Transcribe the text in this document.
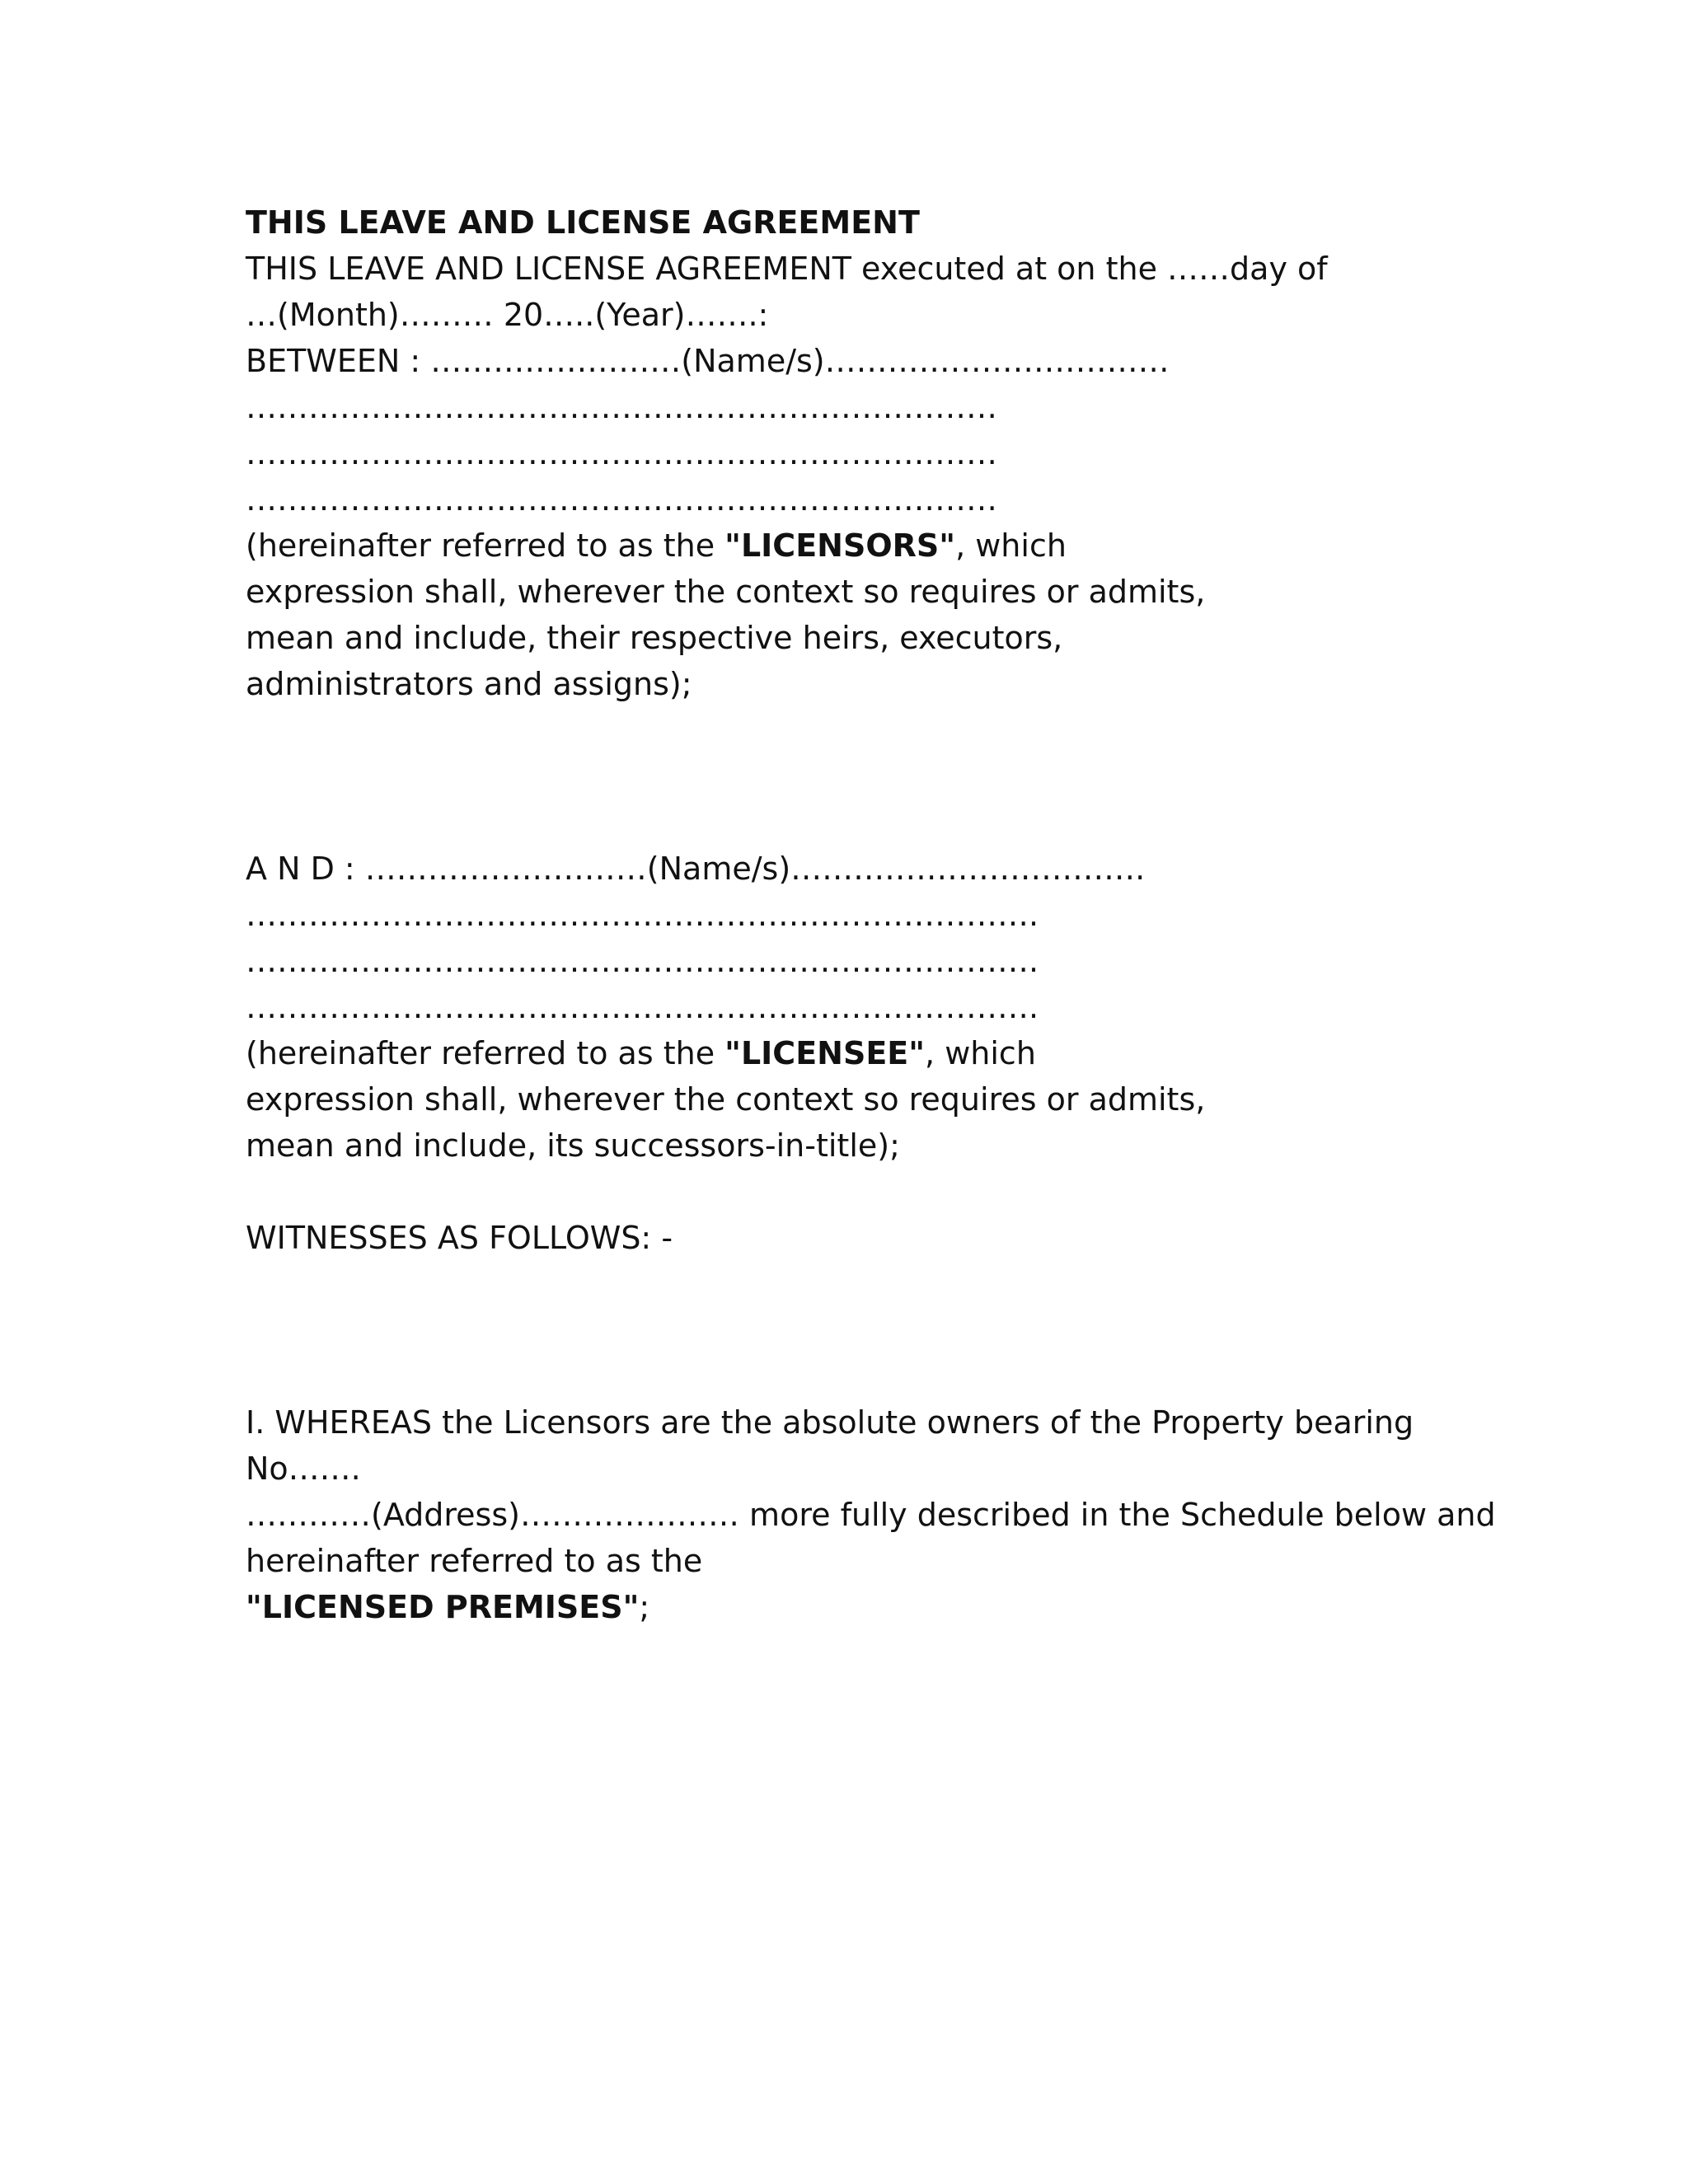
THIS LEAVE AND LICENSE AGREEMENT
THIS LEAVE AND LICENSE AGREEMENT executed at on the ……day of
…(Month)……… 20…..(Year)…….:
BETWEEN : ……………………(Name/s)……………………………
………………………………………………………………
………………………………………………………………
………………………………………………………………
(hereinafter referred to as the "LICENSORS", which
expression shall, wherever the context so requires or admits,
mean and include, their respective heirs, executors,
administrators and assigns);
A N D : ………………………(Name/s)…………………………….
………………………………………………………………….
………………………………………………………………….
………………………………………………………………….
(hereinafter referred to as the "LICENSEE", which
expression shall, wherever the context so requires or admits,
mean and include, its successors-in-title);
WITNESSES AS FOLLOWS: -
I. WHEREAS the Licensors are the absolute owners of the Property bearing
No…….
…………(Address)………………… more fully described in the Schedule below and
hereinafter referred to as the
"LICENSED PREMISES";
